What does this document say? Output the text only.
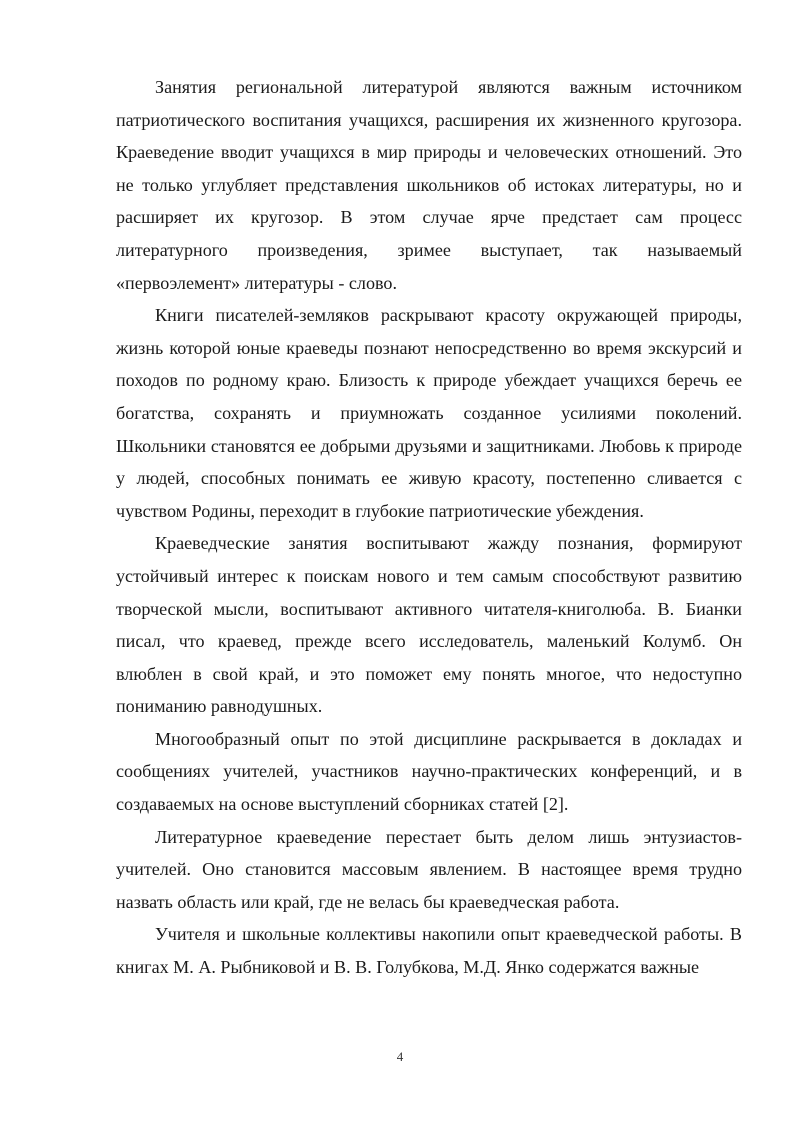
Занятия региональной литературой являются важным источником патриотического воспитания учащихся, расширения их жизненного кругозора. Краеведение вводит учащихся в мир природы и человеческих отношений. Это не только углубляет представления школьников об истоках литературы, но и расширяет их кругозор. В этом случае ярче предстает сам процесс литературного произведения, зримее выступает, так называемый «первоэлемент» литературы - слово.

Книги писателей-земляков раскрывают красоту окружающей природы, жизнь которой юные краеведы познают непосредственно во время экскурсий и походов по родному краю. Близость к природе убеждает учащихся беречь ее богатства, сохранять и приумножать созданное усилиями поколений. Школьники становятся ее добрыми друзьями и защитниками. Любовь к природе у людей, способных понимать ее живую красоту, постепенно сливается с чувством Родины, переходит в глубокие патриотические убеждения.

Краеведческие занятия воспитывают жажду познания, формируют устойчивый интерес к поискам нового и тем самым способствуют развитию творческой мысли, воспитывают активного читателя-книголюба. В. Бианки писал, что краевед, прежде всего исследователь, маленький Колумб. Он влюблен в свой край, и это поможет ему понять многое, что недоступно пониманию равнодушных.

Многообразный опыт по этой дисциплине раскрывается в докладах и сообщениях учителей, участников научно-практических конференций, и в создаваемых на основе выступлений сборниках статей [2].

Литературное краеведение перестает быть делом лишь энтузиастов-учителей. Оно становится массовым явлением. В настоящее время трудно назвать область или край, где не велась бы краеведческая работа.

Учителя и школьные коллективы накопили опыт краеведческой работы. В книгах М. А. Рыбниковой и В. В. Голубкова, М.Д. Янко содержатся важные

4
